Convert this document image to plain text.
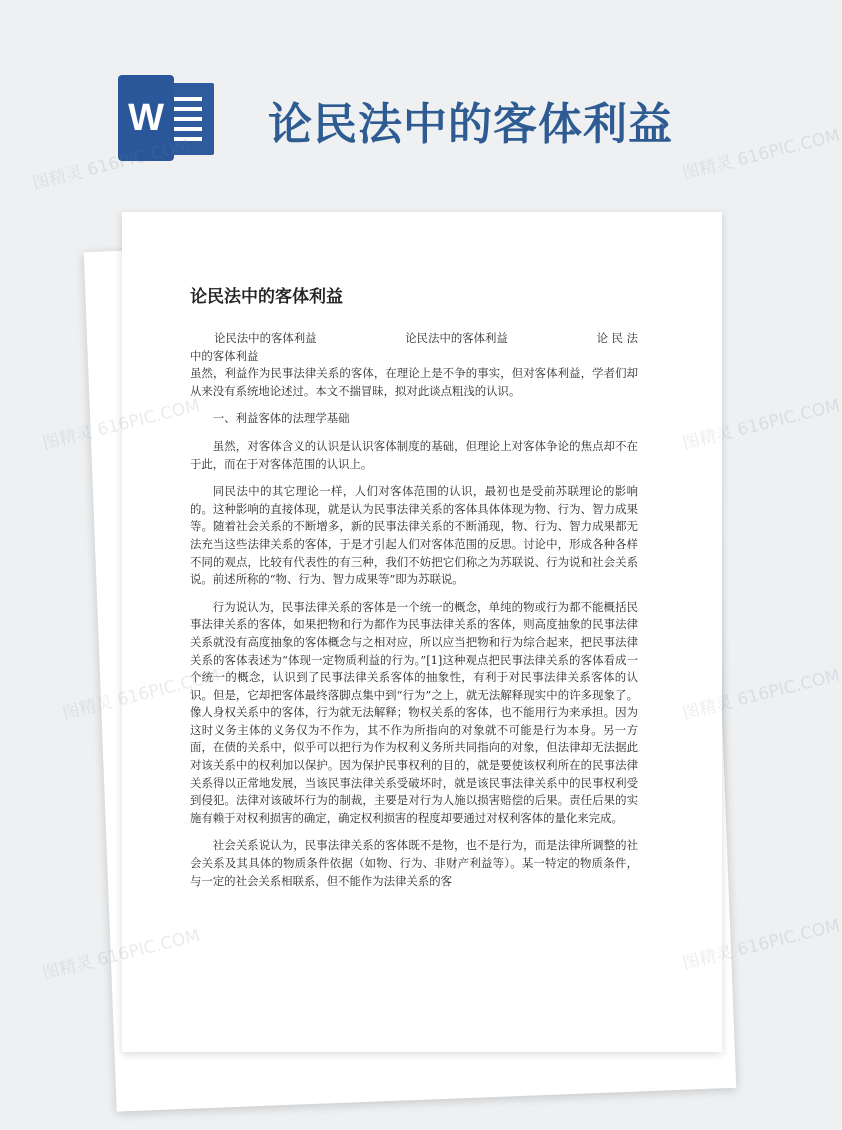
W 论民法中的客体利益
论民法中的客体利益
论民法中的客体利益	论民法中的客体利益	论 民 法
中的客体利益

虽然，利益作为民事法律关系的客体，在理论上是不争的事实，但对客体利益，学者们却从来没有系统地论述过。本文不揣冒昧，拟对此谈点粗浅的认识。

一、利益客体的法理学基础

虽然，对客体含义的认识是认识客体制度的基础，但理论上对客体争论的焦点却不在于此，而在于对客体范围的认识上。

同民法中的其它理论一样，人们对客体范围的认识，最初也是受前苏联理论的影响的。这种影响的直接体现，就是认为民事法律关系的客体具体体现为物、行为、智力成果等。随着社会关系的不断增多，新的民事法律关系的不断涌现，物、行为、智力成果都无法充当这些法律关系的客体，于是才引起人们对客体范围的反思。讨论中，形成各种各样不同的观点，比较有代表性的有三种，我们不妨把它们称之为苏联说、行为说和社会关系说。前述所称的“物、行为、智力成果等”即为苏联说。

行为说认为，民事法律关系的客体是一个统一的概念，单纯的物或行为都不能概括民事法律关系的客体，如果把物和行为都作为民事法律关系的客体，则高度抽象的民事法律关系就没有高度抽象的客体概念与之相对应，所以应当把物和行为综合起来，把民事法律关系的客体表述为“体现一定物质利益的行为。”[1]这种观点把民事法律关系的客体看成一个统一的概念，认识到了民事法律关系客体的抽象性，有利于对民事法律关系客体的认识。但是，它却把客体最终落脚点集中到“行为”之上，就无法解释现实中的许多现象了。像人身权关系中的客体，行为就无法解释；物权关系的客体，也不能用行为来承担。因为这时义务主体的义务仅为不作为，其不作为所指向的对象就不可能是行为本身。另一方面，在债的关系中，似乎可以把行为作为权利义务所共同指向的对象，但法律却无法据此对该关系中的权利加以保护。因为保护民事权利的目的，就是要使该权利所在的民事法律关系得以正常地发展，当该民事法律关系受破坏时，就是该民事法律关系中的民事权利受到侵犯。法律对该破坏行为的制裁，主要是对行为人施以损害赔偿的后果。责任后果的实施有赖于对权利损害的确定，确定权利损害的程度却要通过对权利客体的量化来完成。

社会关系说认为，民事法律关系的客体既不是物，也不是行为，而是法律所调整的社会关系及其具体的物质条件依据（如物、行为、非财产利益等）。某一特定的物质条件，与一定的社会关系相联系，但不能作为法律关系的客

图精灵 616PIC.COM	图精灵 616PIC.COM
图精灵	图精灵 616PIC.COM
图精灵	图精灵 616PIC.COM
图精灵	图精灵 616PIC.COM
